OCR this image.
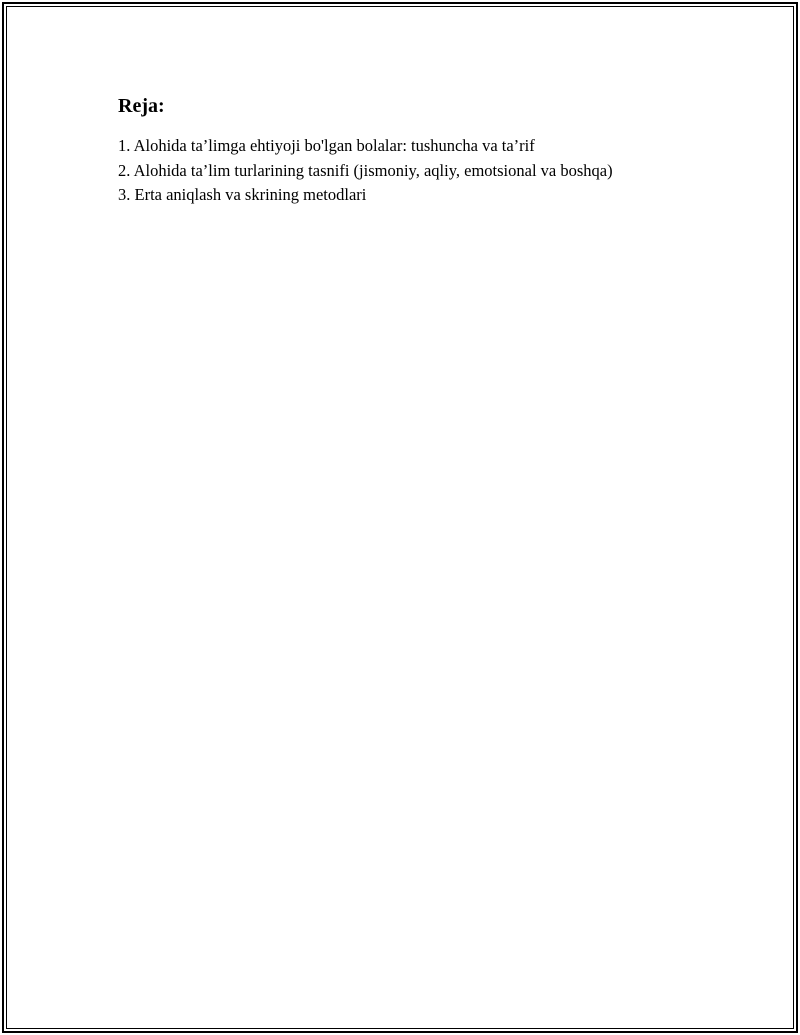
Reja:
1. Alohida ta’limga ehtiyoji bo'lgan bolalar: tushuncha va ta’rif
2. Alohida ta’lim turlarining tasnifi (jismoniy, aqliy, emotsional va boshqa)
3. Erta aniqlash va skrining metodlari
